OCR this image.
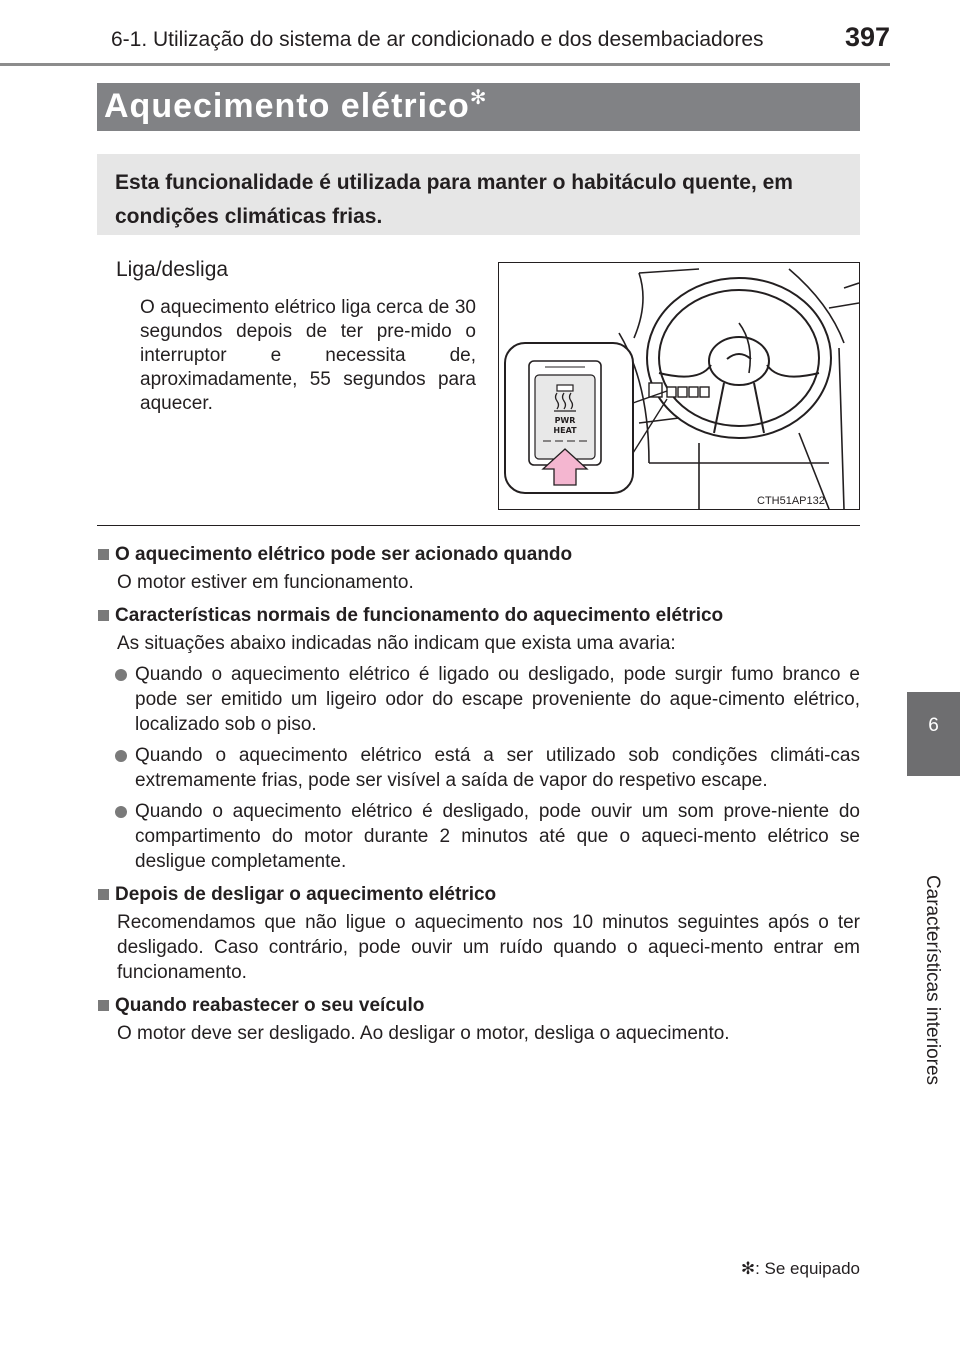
6-1. Utilização do sistema de ar condicionado e dos desembaciadores	397
6
Características interiores
Aquecimento elétrico✻
Esta funcionalidade é utilizada para manter o habitáculo quente, em condições climáticas frias.
Liga/desliga
O aquecimento elétrico liga cerca de 30 segundos depois de ter pre-mido o interruptor e necessita de, aproximadamente, 55 segundos para aquecer.
PWR
HEAT
CTH51AP132
O aquecimento elétrico pode ser acionado quando
O motor estiver em funcionamento.
Características normais de funcionamento do aquecimento elétrico
As situações abaixo indicadas não indicam que exista uma avaria:
Quando o aquecimento elétrico é ligado ou desligado, pode surgir fumo branco e pode ser emitido um ligeiro odor do escape proveniente do aque-cimento elétrico, localizado sob o piso.
Quando o aquecimento elétrico está a ser utilizado sob condições climáti-cas extremamente frias, pode ser visível a saída de vapor do respetivo escape.
Quando o aquecimento elétrico é desligado, pode ouvir um som prove-niente do compartimento do motor durante 2 minutos até que o aqueci-mento elétrico se desligue completamente.
Depois de desligar o aquecimento elétrico
Recomendamos que não ligue o aquecimento nos 10 minutos seguintes após o ter desligado. Caso contrário, pode ouvir um ruído quando o aqueci-mento entrar em funcionamento.
Quando reabastecer o seu veículo
O motor deve ser desligado. Ao desligar o motor, desliga o aquecimento.
✻: Se equipado
